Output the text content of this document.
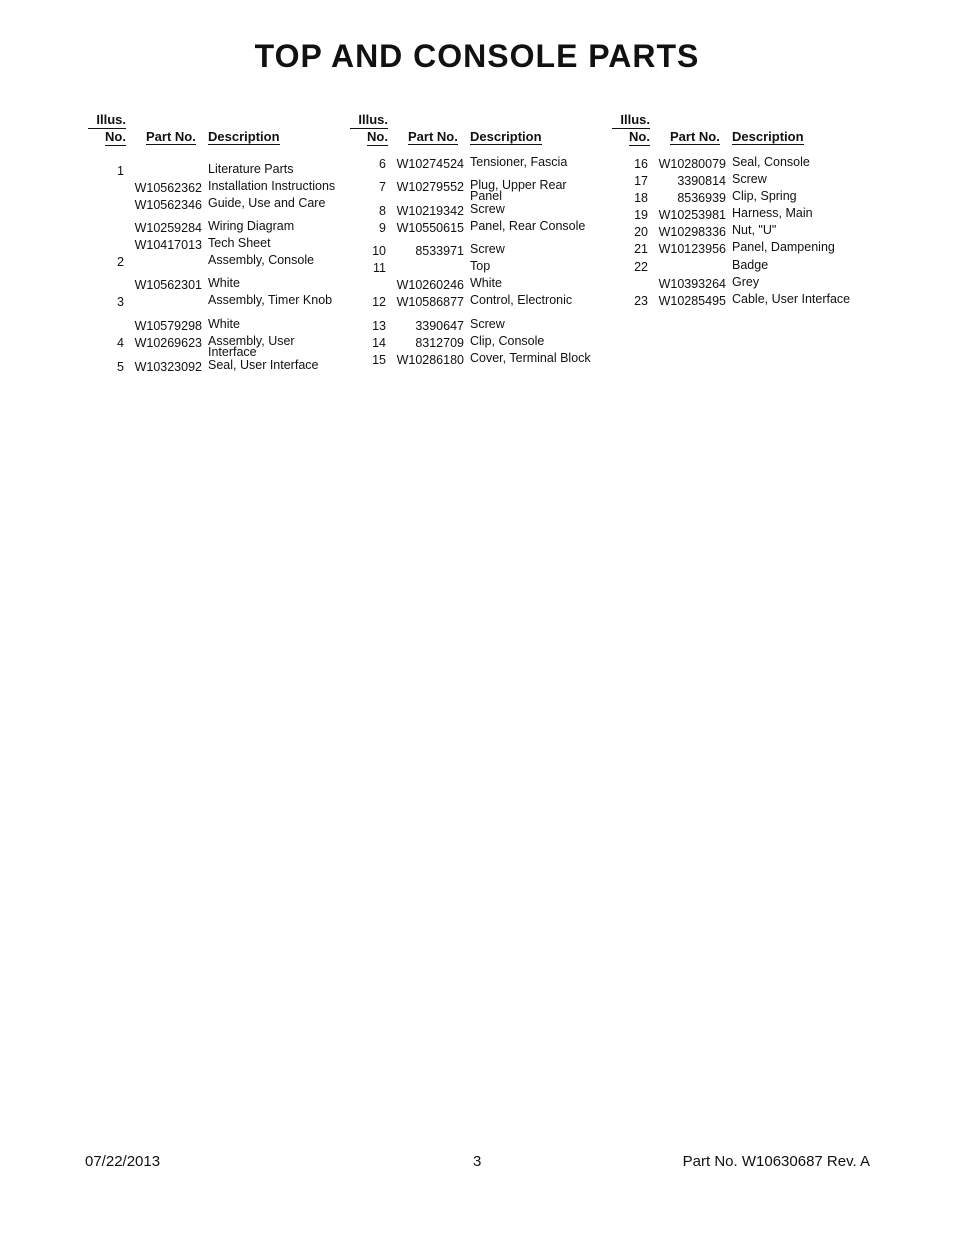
TOP AND CONSOLE PARTS
Illus.
No. Part No. Description
1	Literature Parts
W10562362 Installation Instructions
W10562346 Guide, Use and Care
W10259284 Wiring Diagram
W10417013 Tech Sheet
2	Assembly, Console
W10562301 White
3	Assembly, Timer Knob
W10579298 White
4 W10269623 Assembly, User Interface
5 W10323092 Seal, User Interface
Illus.
No. Part No. Description
6 W10274524 Tensioner, Fascia
7 W10279552 Plug, Upper Rear Panel
8 W10219342 Screw
9 W10550615 Panel, Rear Console
10	8533971 Screw
11	Top
W10260246 White
12 W10586877 Control, Electronic
13	3390647 Screw
14	8312709 Clip, Console
15 W10286180 Cover, Terminal Block
Illus.
No. Part No. Description
16 W10280079 Seal, Console
17	3390814 Screw
18	8536939 Clip, Spring
19 W10253981 Harness, Main
20 W10298336 Nut, "U"
21 W10123956 Panel, Dampening
22	Badge
W10393264 Grey
23 W10285495 Cable, User Interface
07/22/2013	3	Part No. W10630687 Rev. A
